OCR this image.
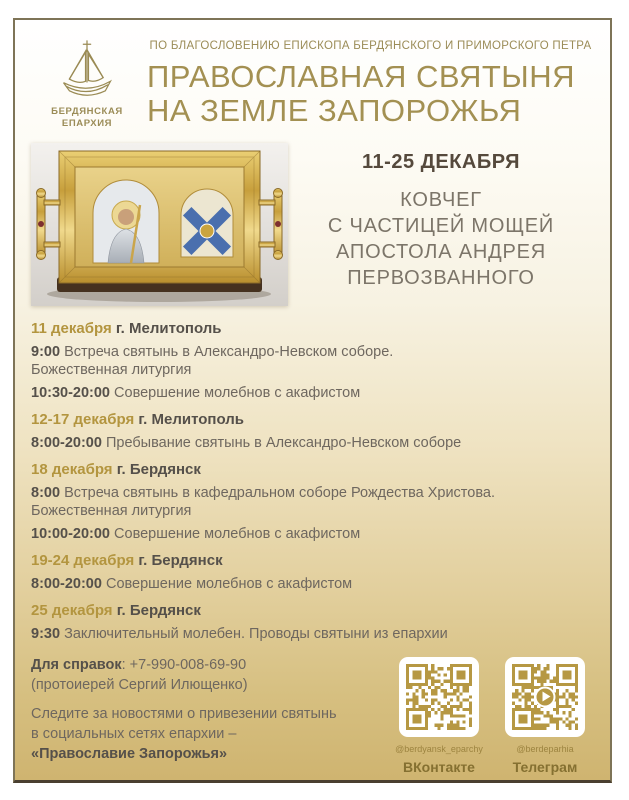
БЕРДЯНСКАЯ
ЕПАРХИЯ
ПО БЛАГОСЛОВЕНИЮ ЕПИСКОПА БЕРДЯНСКОГО И ПРИМОРСКОГО ПЕТРА
ПРАВОСЛАВНАЯ СВЯТЫНЯ
НА ЗЕМЛЕ ЗАПОРОЖЬЯ
11-25 ДЕКАБРЯ
КОВЧЕГ
С ЧАСТИЦЕЙ МОЩЕЙ
АПОСТОЛА АНДРЕЯ
ПЕРВОЗВАННОГО
11 декабря г. Мелитополь
9:00 Встреча святынь в Александро-Невском соборе.
Божественная литургия
10:30-20:00 Совершение молебнов с акафистом
12-17 декабря г. Мелитополь
8:00-20:00 Пребывание святынь в Александро-Невском соборе
18 декабря г. Бердянск
8:00 Встреча святынь в кафедральном соборе Рождества Христова.
Божественная литургия
10:00-20:00 Совершение молебнов с акафистом
19-24 декабря г. Бердянск
8:00-20:00 Совершение молебнов с акафистом
25 декабря г. Бердянск
9:30 Заключительный молебен. Проводы святыни из епархии
Для справок: +7-990-008-69-90
(протоиерей Сергий Илющенко)
Следите за новостями о привезении святынь
в социальных сетях епархии –
«Православие Запорожья»	@berdyansk_eparchy
ВКонтакте
@berdeparhia
Телеграм
